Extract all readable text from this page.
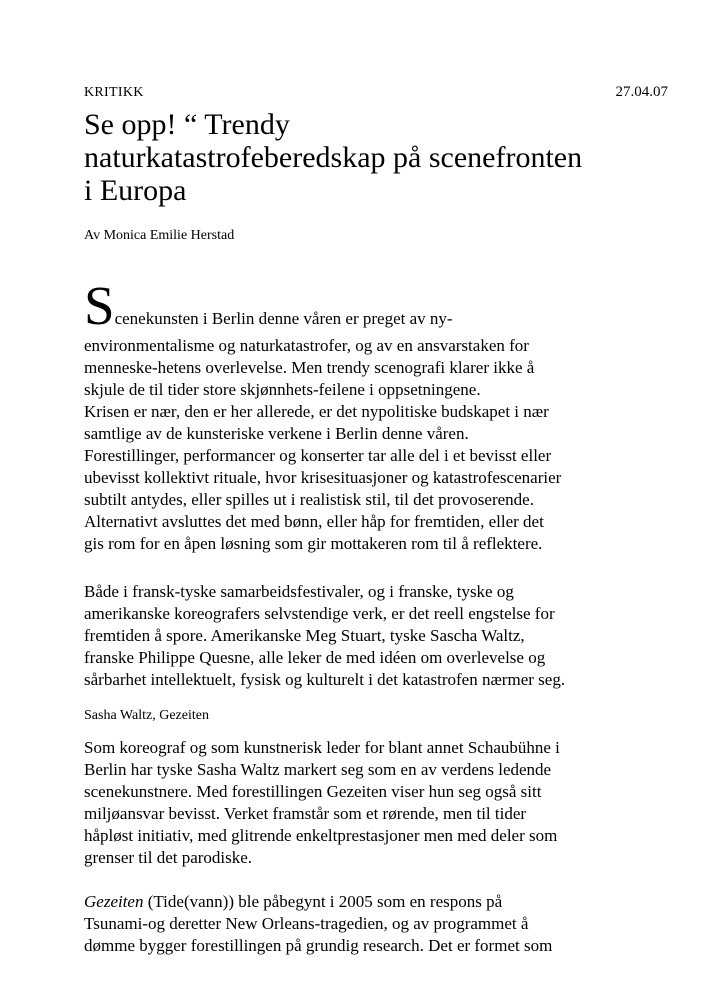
KRITIKK	27.04.07
Se opp! “ Trendy
naturkatastrofeberedskap på scenefronten
i Europa
Av Monica Emilie Herstad
Scenekunsten i Berlin denne våren er preget av ny-
environmentalisme og naturkatastrofer, og av en ansvarstaken for
menneske-hetens overlevelse. Men trendy scenografi klarer ikke å
skjule de til tider store skjønnhets-feilene i oppsetningene.
Krisen er nær, den er her allerede, er det nypolitiske budskapet i nær
samtlige av de kunsteriske verkene i Berlin denne våren.
Forestillinger, performancer og konserter tar alle del i et bevisst eller
ubevisst kollektivt rituale, hvor krisesituasjoner og katastrofescenarier
subtilt antydes, eller spilles ut i realistisk stil, til det provoserende.
Alternativt avsluttes det med bønn, eller håp for fremtiden, eller det
gis rom for en åpen løsning som gir mottakeren rom til å reflektere.
Både i fransk-tyske samarbeidsfestivaler, og i franske, tyske og
amerikanske koreografers selvstendige verk, er det reell engstelse for
fremtiden å spore. Amerikanske Meg Stuart, tyske Sascha Waltz,
franske Philippe Quesne, alle leker de med idéen om overlevelse og
sårbarhet intellektuelt, fysisk og kulturelt i det katastrofen nærmer seg.
Sasha Waltz, Gezeiten
Som koreograf og som kunstnerisk leder for blant annet Schaubühne i
Berlin har tyske Sasha Waltz markert seg som en av verdens ledende
scenekunstnere. Med forestillingen Gezeiten viser hun seg også sitt
miljøansvar bevisst. Verket framstår som et rørende, men til tider
håpløst initiativ, med glitrende enkeltprestasjoner men med deler som
grenser til det parodiske.
Gezeiten (Tide(vann)) ble påbegynt i 2005 som en respons på
Tsunami-og deretter New Orleans-tragedien, og av programmet å
dømme bygger forestillingen på grundig research. Det er formet som
